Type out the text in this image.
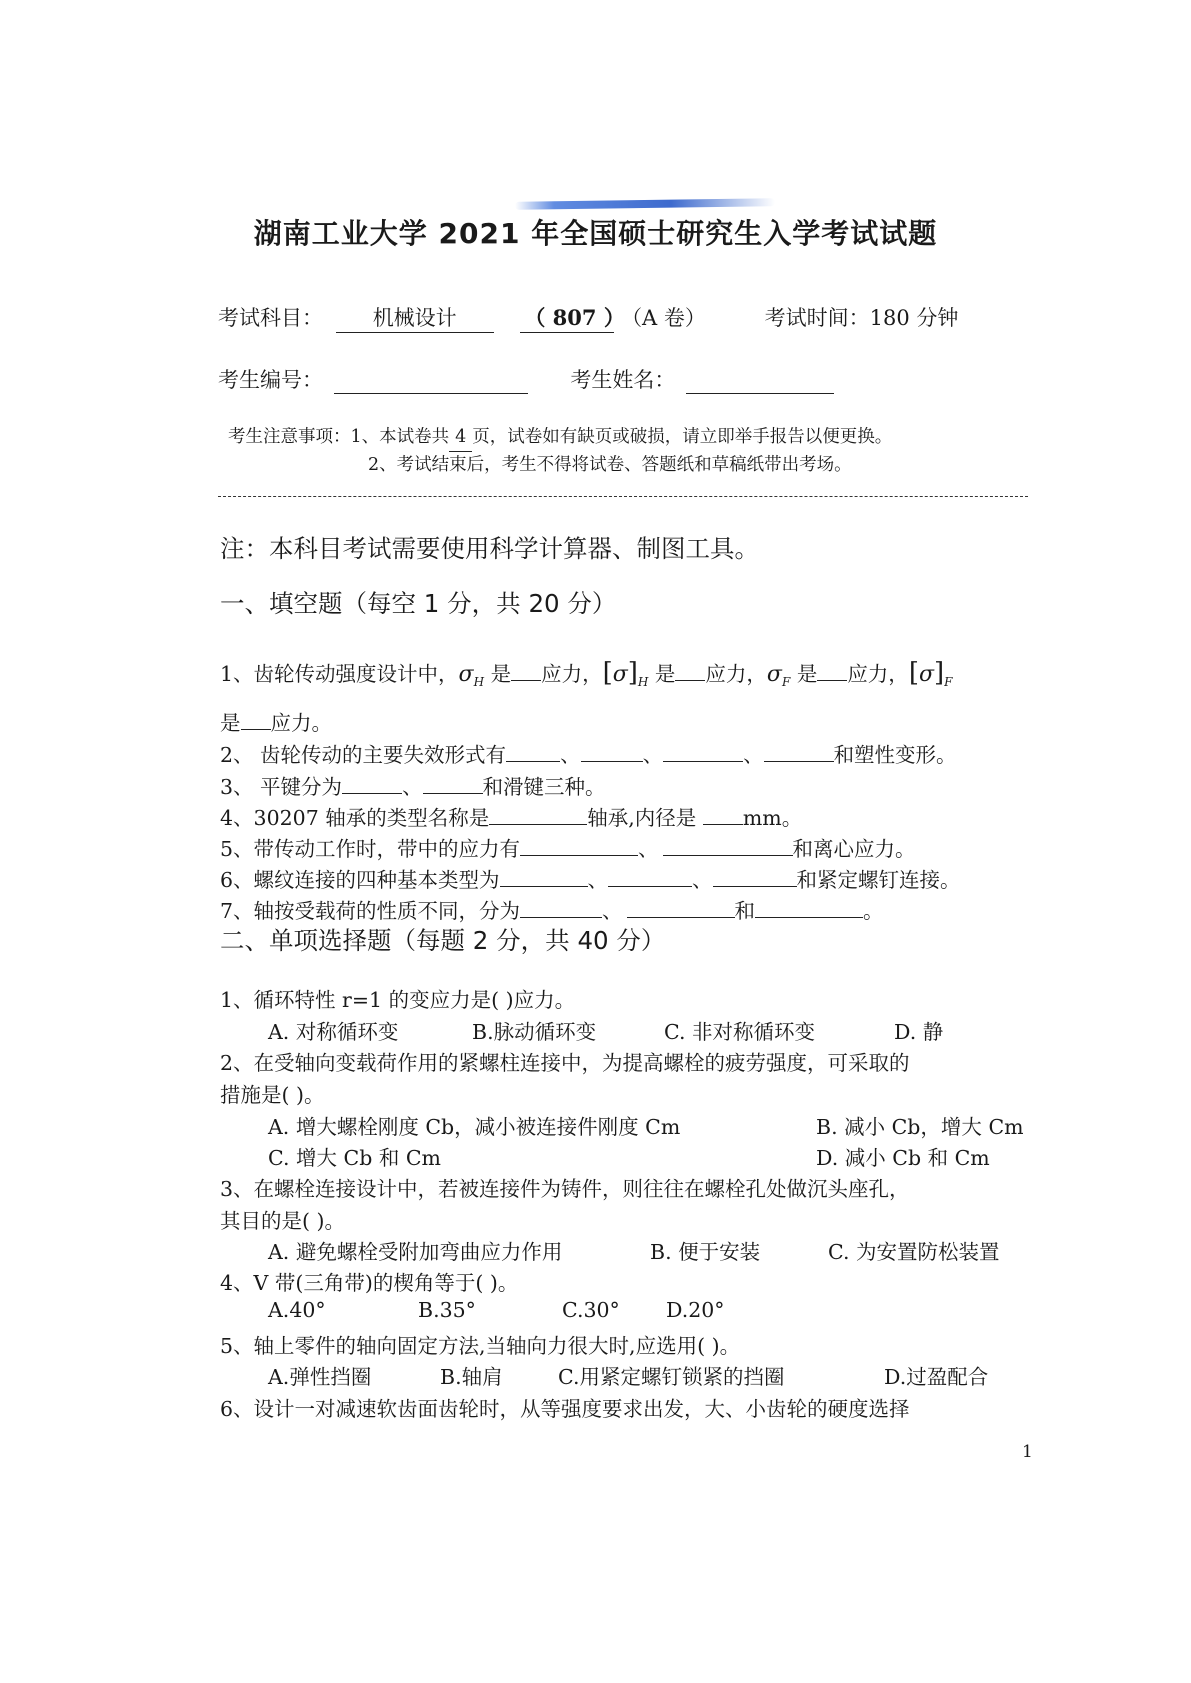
湖南工业大学 2021 年全国硕士研究生入学考试试题
考试科目： 机械设计	（ 807 ） （A 卷）	考试时间：180 分钟
考生编号：	考生姓名：
考生注意事项：1、本试卷共 4 页，试卷如有缺页或破损，请立即举手报告以便更换。
2、考试结束后，考生不得将试卷、答题纸和草稿纸带出考场。
注：本科目考试需要使用科学计算器、制图工具。
一、填空题（每空 1 分，共 20 分）
1、齿轮传动强度设计中，$\sigma_H$ 是 应力，$[\sigma]_H$ 是 应力，$\sigma_F$ 是 应力，$[\sigma]_F$
是 应力。
2、 齿轮传动的主要失效形式有	、	、	、	和塑性变形。
3、 平键分为	、	和滑键三种。
4、30207 轴承的类型名称是	轴承,内径是 mm。
5、带传动工作时，带中的应力有	、	和离心应力。
6、螺纹连接的四种基本类型为	、	、	和紧定螺钉连接。
7、轴按受载荷的性质不同，分为	、	和	。
二、单项选择题（每题 2 分，共 40 分）
1、循环特性 r=1 的变应力是( )应力。
A. 对称循环变	B.脉动循环变	C. 非对称循环变	D. 静
2、在受轴向变载荷作用的紧螺柱连接中，为提高螺栓的疲劳强度，可采取的
措施是( )。
A. 增大螺栓刚度 Cb，减小被连接件刚度 Cm	B. 减小 Cb，增大 Cm
C. 增大 Cb 和 Cm	D. 减小 Cb 和 Cm
3、在螺栓连接设计中，若被连接件为铸件，则往往在螺栓孔处做沉头座孔，
其目的是( )。
A. 避免螺栓受附加弯曲应力作用	B. 便于安装	C. 为安置防松装置
4、V 带(三角带)的楔角等于( )。
A.40°	B.35°	C.30° D.20°
5、轴上零件的轴向固定方法,当轴向力很大时,应选用( )。
A.弹性挡圈	B.轴肩	C.用紧定螺钉锁紧的挡圈	D.过盈配合
6、设计一对减速软齿面齿轮时，从等强度要求出发，大、小齿轮的硬度选择
1
